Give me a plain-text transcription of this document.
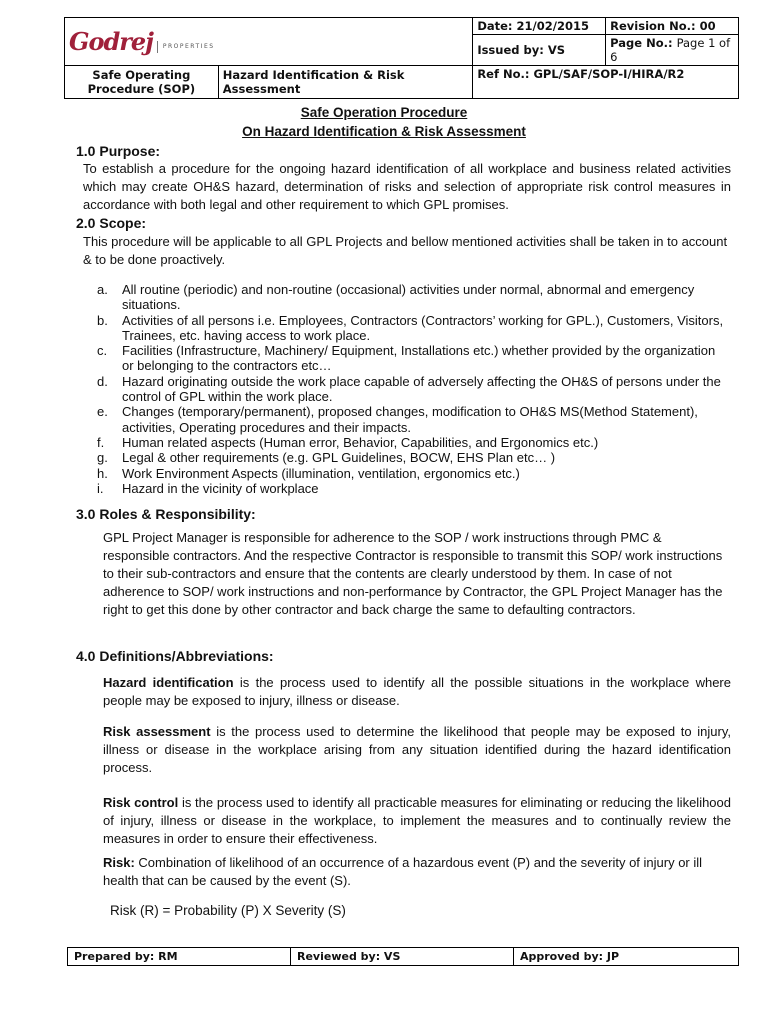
Godrej PROPERTIES		Date: 21/02/2015	Revision No.: 00
		Issued by: VS	Page No.: Page 1 of 6
Safe Operating Procedure (SOP)	Hazard Identification & Risk Assessment	Ref No.: GPL/SAF/SOP-I/HIRA/R2	
Safe Operation Procedure
On Hazard Identification & Risk Assessment
1.0 Purpose:
To establish a procedure for the ongoing hazard identification of all workplace and business related activities which may create OH&S hazard, determination of risks and selection of appropriate risk control measures in accordance with both legal and other requirement to which GPL promises.
2.0 Scope:
This procedure will be applicable to all GPL Projects and bellow mentioned activities shall be taken in to account & to be done proactively.
a. All routine (periodic) and non-routine (occasional) activities under normal, abnormal and emergency situations.
b. Activities of all persons i.e. Employees, Contractors (Contractors’ working for GPL.), Customers, Visitors, Trainees, etc. having access to work place.
c. Facilities (Infrastructure, Machinery/ Equipment, Installations etc.) whether provided by the organization or belonging to the contractors etc…
d. Hazard originating outside the work place capable of adversely affecting the OH&S of persons under the control of GPL within the work place.
e. Changes (temporary/permanent), proposed changes, modification to OH&S MS(Method Statement), activities, Operating procedures and their impacts.
f. Human related aspects (Human error, Behavior, Capabilities, and Ergonomics etc.)
g. Legal & other requirements (e.g. GPL Guidelines, BOCW, EHS Plan etc… )
h. Work Environment Aspects (illumination, ventilation, ergonomics etc.)
i. Hazard in the vicinity of workplace
3.0 Roles & Responsibility:
GPL Project Manager is responsible for adherence to the SOP / work instructions through PMC & responsible contractors. And the respective Contractor is responsible to transmit this SOP/ work instructions to their sub-contractors and ensure that the contents are clearly understood by them. In case of not adherence to SOP/ work instructions and non-performance by Contractor, the GPL Project Manager has the right to get this done by other contractor and back charge the same to defaulting contractors.
4.0 Definitions/Abbreviations:
Hazard identification is the process used to identify all the possible situations in the workplace where people may be exposed to injury, illness or disease.
Risk assessment is the process used to determine the likelihood that people may be exposed to injury, illness or disease in the workplace arising from any situation identified during the hazard identification process.
Risk control is the process used to identify all practicable measures for eliminating or reducing the likelihood of injury, illness or disease in the workplace, to implement the measures and to continually review the measures in order to ensure their effectiveness.
Risk: Combination of likelihood of an occurrence of a hazardous event (P) and the severity of injury or ill health that can be caused by the event (S).
Risk (R) = Probability (P) X Severity (S)
Prepared by: RM	Reviewed by: VS	Approved by: JP
